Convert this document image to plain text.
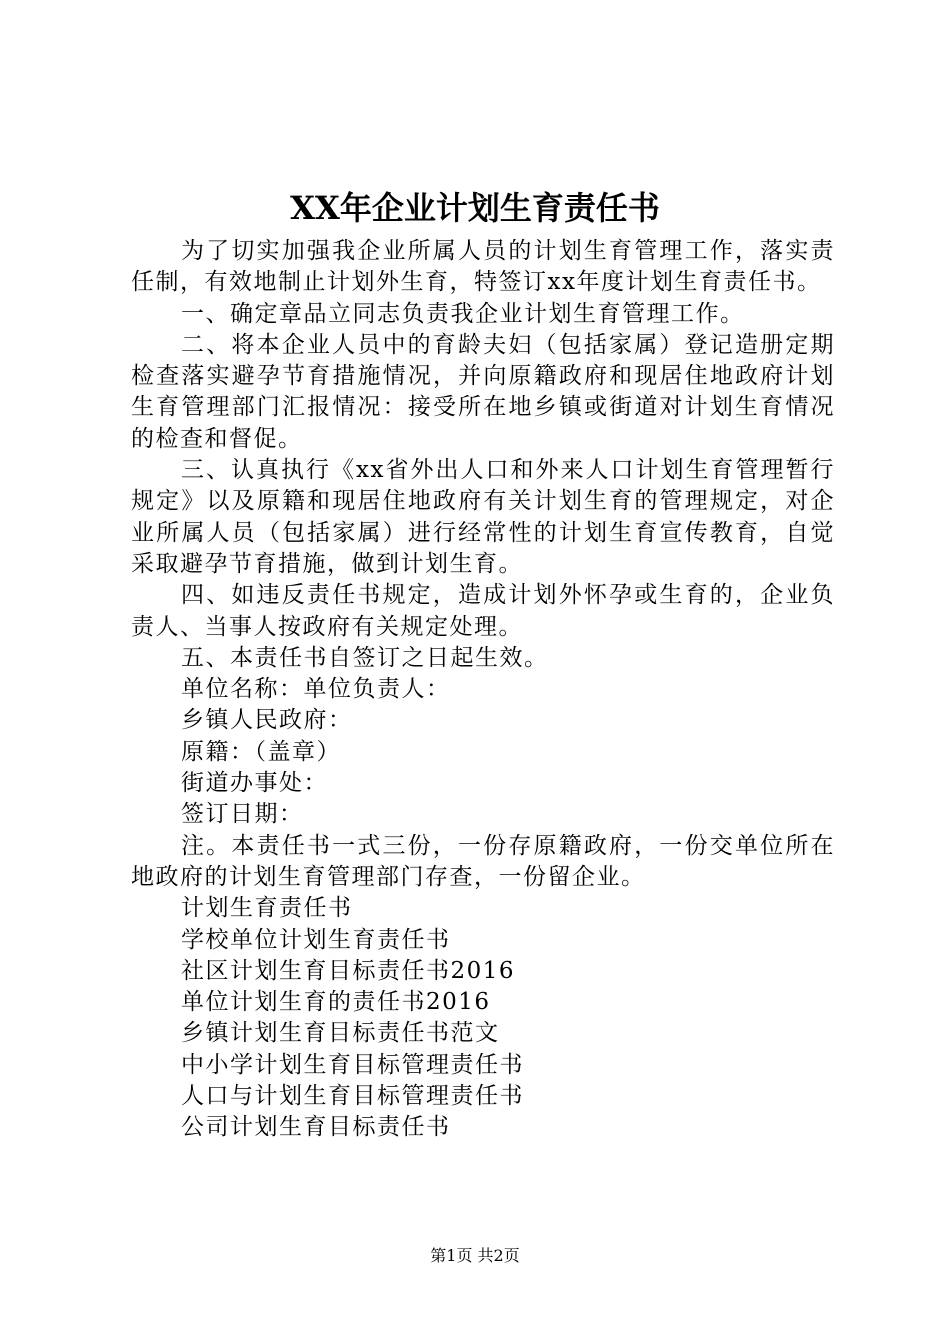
XX年企业计划生育责任书

为了切实加强我企业所属人员的计划生育管理工作，落实责任制，有效地制止计划外生育，特签订xx年度计划生育责任书。

一、确定章品立同志负责我企业计划生育管理工作。

二、将本企业人员中的育龄夫妇（包括家属）登记造册定期检查落实避孕节育措施情况，并向原籍政府和现居住地政府计划生育管理部门汇报情况：接受所在地乡镇或街道对计划生育情况的检查和督促。

三、认真执行《xx省外出人口和外来人口计划生育管理暂行规定》以及原籍和现居住地政府有关计划生育的管理规定，对企业所属人员（包括家属）进行经常性的计划生育宣传教育，自觉采取避孕节育措施，做到计划生育。

四、如违反责任书规定，造成计划外怀孕或生育的，企业负责人、当事人按政府有关规定处理。

五、本责任书自签订之日起生效。

单位名称：单位负责人：

乡镇人民政府：

原籍：（盖章）

街道办事处：

签订日期：

注。本责任书一式三份，一份存原籍政府，一份交单位所在地政府的计划生育管理部门存查，一份留企业。

计划生育责任书

学校单位计划生育责任书

社区计划生育目标责任书2016

单位计划生育的责任书2016

乡镇计划生育目标责任书范文

中小学计划生育目标管理责任书

人口与计划生育目标管理责任书

公司计划生育目标责任书

第1页 共2页
